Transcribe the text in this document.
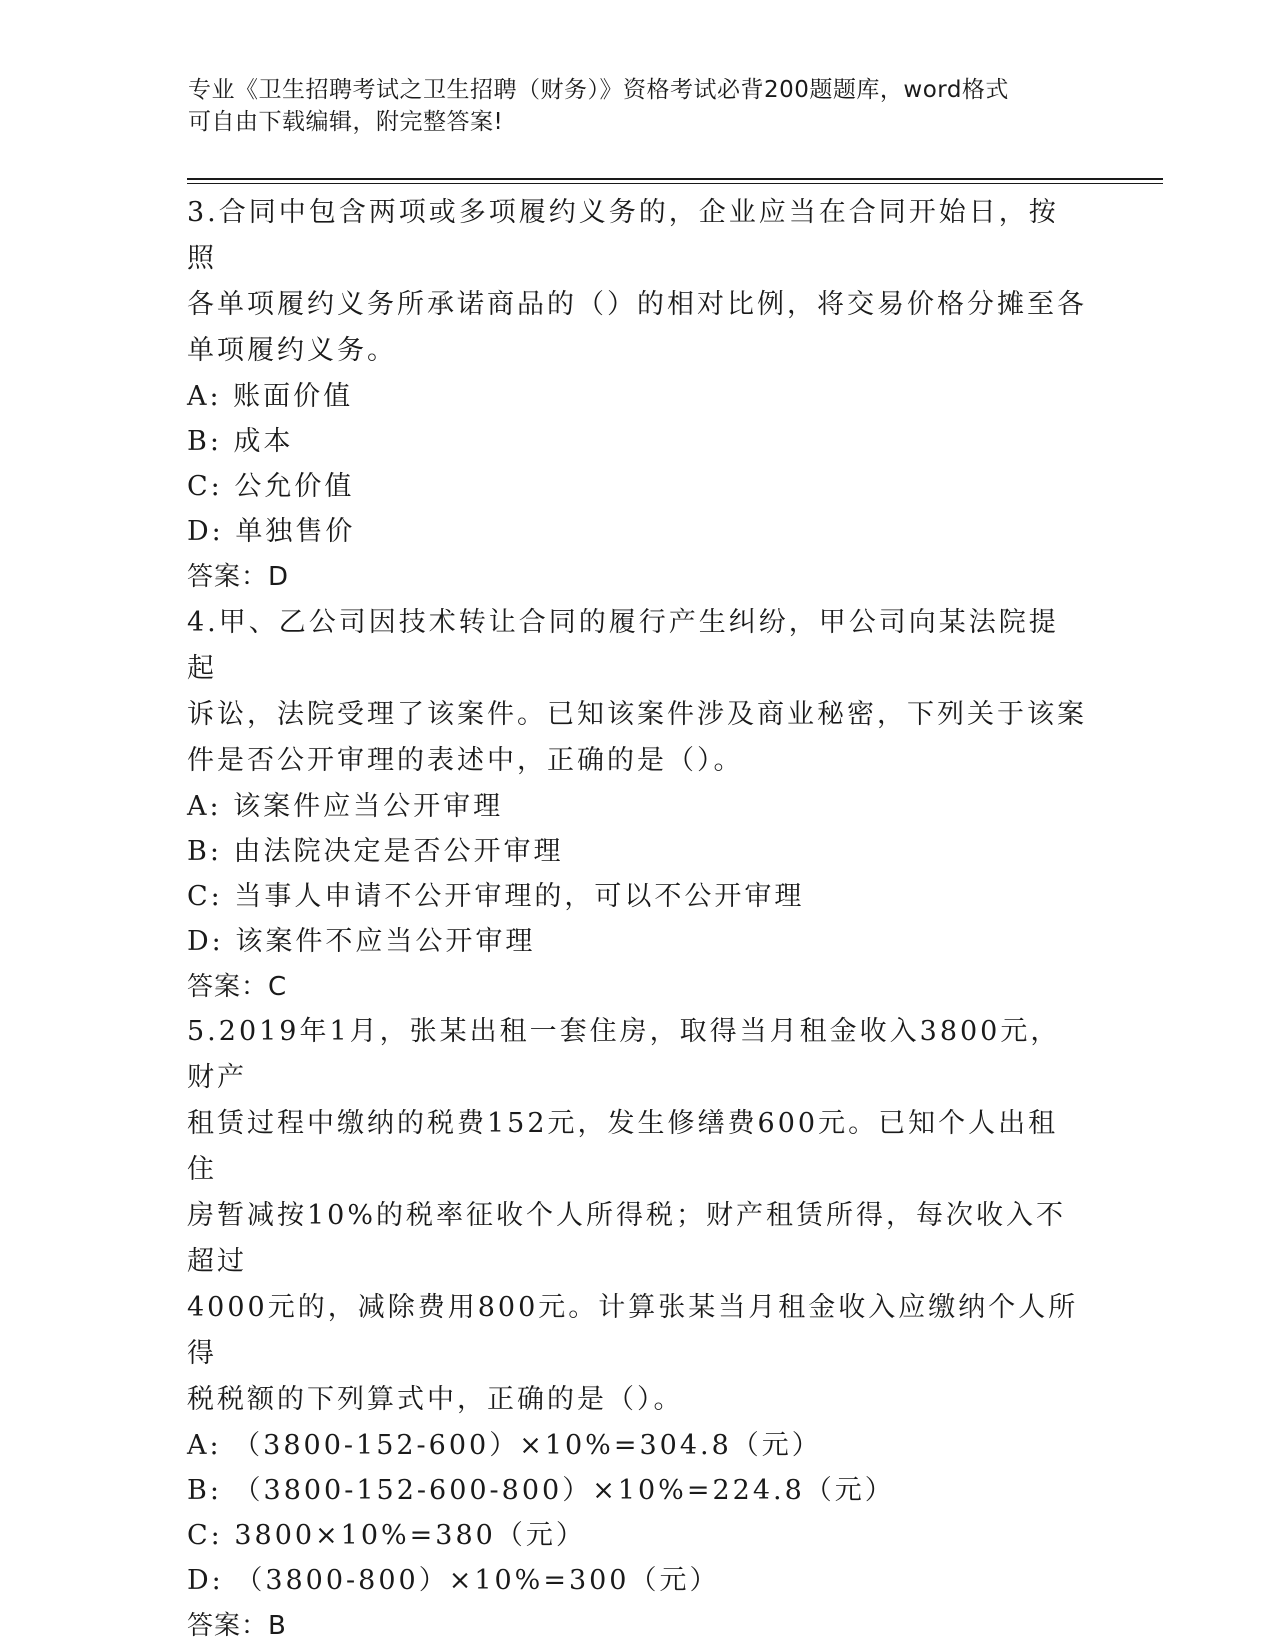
专业《卫生招聘考试之卫生招聘（财务）》资格考试必背200题题库，word格式
可自由下载编辑，附完整答案!

3.合同中包含两项或多项履约义务的，企业应当在合同开始日，按照

各单项履约义务所承诺商品的（）的相对比例，将交易价格分摊至各

单项履约义务。

A: 账面价值

B: 成本

C: 公允价值

D: 单独售价

答案：D

4.甲、乙公司因技术转让合同的履行产生纠纷，甲公司向某法院提起

诉讼，法院受理了该案件。已知该案件涉及商业秘密，下列关于该案

件是否公开审理的表述中，正确的是（）。

A: 该案件应当公开审理

B: 由法院决定是否公开审理

C: 当事人申请不公开审理的，可以不公开审理

D: 该案件不应当公开审理

答案：C

5.2019年1月，张某出租一套住房，取得当月租金收入3800元，财产

租赁过程中缴纳的税费152元，发生修缮费600元。已知个人出租住

房暂减按10%的税率征收个人所得税；财产租赁所得，每次收入不超过

4000元的，减除费用800元。计算张某当月租金收入应缴纳个人所得

税税额的下列算式中，正确的是（）。

A: （3800-152-600）×10%=304.8（元）

B: （3800-152-600-800）×10%=224.8（元）

C: 3800×10%=380（元）

D: （3800-800）×10%=300（元）

答案：B
